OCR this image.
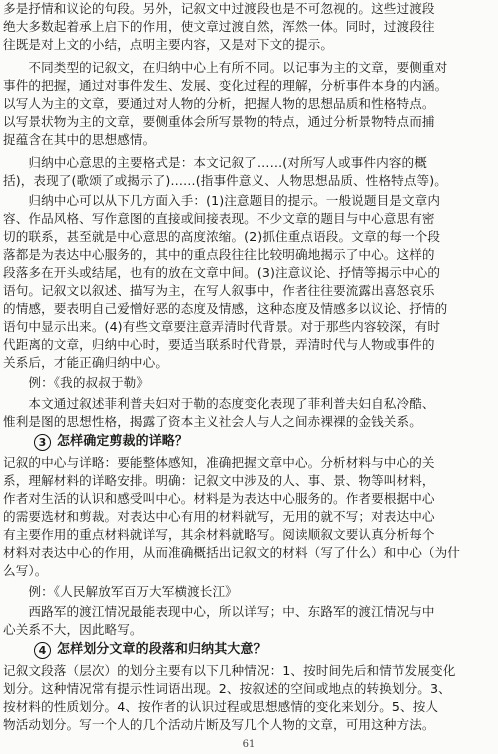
多是抒情和议论的句段。另外，记叙文中过渡段也是不可忽视的。这些过渡段
绝大多数起着承上启下的作用，使文章过渡自然，浑然一体。同时，过渡段往
往既是对上文的小结，点明主要内容，又是对下文的提示。
　　不同类型的记叙文，在归纳中心上有所不同。以记事为主的文章，要侧重对
事件的把握，通过对事件发生、发展、变化过程的理解，分析事件本身的内涵。
以写人为主的文章，要通过对人物的分析，把握人物的思想品质和性格特点。
以写景状物为主的文章，要侧重体会所写景物的特点，通过分析景物特点而捕
捉蕴含在其中的思想感情。
　　归纳中心意思的主要格式是：本文记叙了……(对所写人或事件内容的概
括)，表现了(歌颂了或揭示了)……(指事件意义、人物思想品质、性格特点等)。
　　归纳中心可以从下几方面入手：(1)注意题目的提示。一般说题目是文章内
容、作品风格、写作意图的直接或间接表现。不少文章的题目与中心意思有密
切的联系，甚至就是中心意思的高度浓缩。(2)抓住重点语段。文章的每一个段
落都是为表达中心服务的，其中的重点段往往比较明确地揭示了中心。这样的
段落多在开头或结尾，也有的放在文章中间。(3)注意议论、抒情等揭示中心的
语句。记叙文以叙述、描写为主，在写人叙事中，作者往往要流露出喜怒哀乐
的情感，要表明自己爱憎好恶的态度及情感，这种态度及情感多以议论、抒情的
语句中显示出来。(4)有些文章要注意弄清时代背景。对于那些内容较深，有时
代距离的文章，归纳中心时，要适当联系时代背景，弄清时代与人物或事件的
关系后，才能正确归纳中心。
　　例：《我的叔叔于勒》
　　本文通过叙述菲利普夫妇对于勒的态度变化表现了菲利普夫妇自私冷酷、
惟利是图的思想性格，揭露了资本主义社会人与人之间赤裸裸的金钱关系。
3 怎样确定剪裁的详略？
记叙的中心与详略：要能整体感知，准确把握文章中心。分析材料与中心的关
系，理解材料的详略安排。明确：记叙文中涉及的人、事、景、物等叫材料，
作者对生活的认识和感受叫中心。材料是为表达中心服务的。作者要根据中心
的需要选材和剪裁。对表达中心有用的材料就写，无用的就不写；对表达中心
有主要作用的重点材料就详写，其余材料就略写。阅读顺叙文要认真分析每个
材料对表达中心的作用，从而准确概括出记叙文的材料（写了什么）和中心（为什
么写）。
　　例：《人民解放军百万大军横渡长江》
　　西路军的渡江情况最能表现中心，所以详写；中、东路军的渡江情况与中
心关系不大，因此略写。
4 怎样划分文章的段落和归纳其大意？
记叙文段落（层次）的划分主要有以下几种情况：1、按时间先后和情节发展变化
划分。这种情况常有提示性词语出现。2、按叙述的空间或地点的转换划分。3、
按材料的性质划分。4、按作者的认识过程或思想感情的变化来划分。5、按人
物活动划分。写一个人的几个活动片断及写几个人物的文章，可用这种方法。
61
